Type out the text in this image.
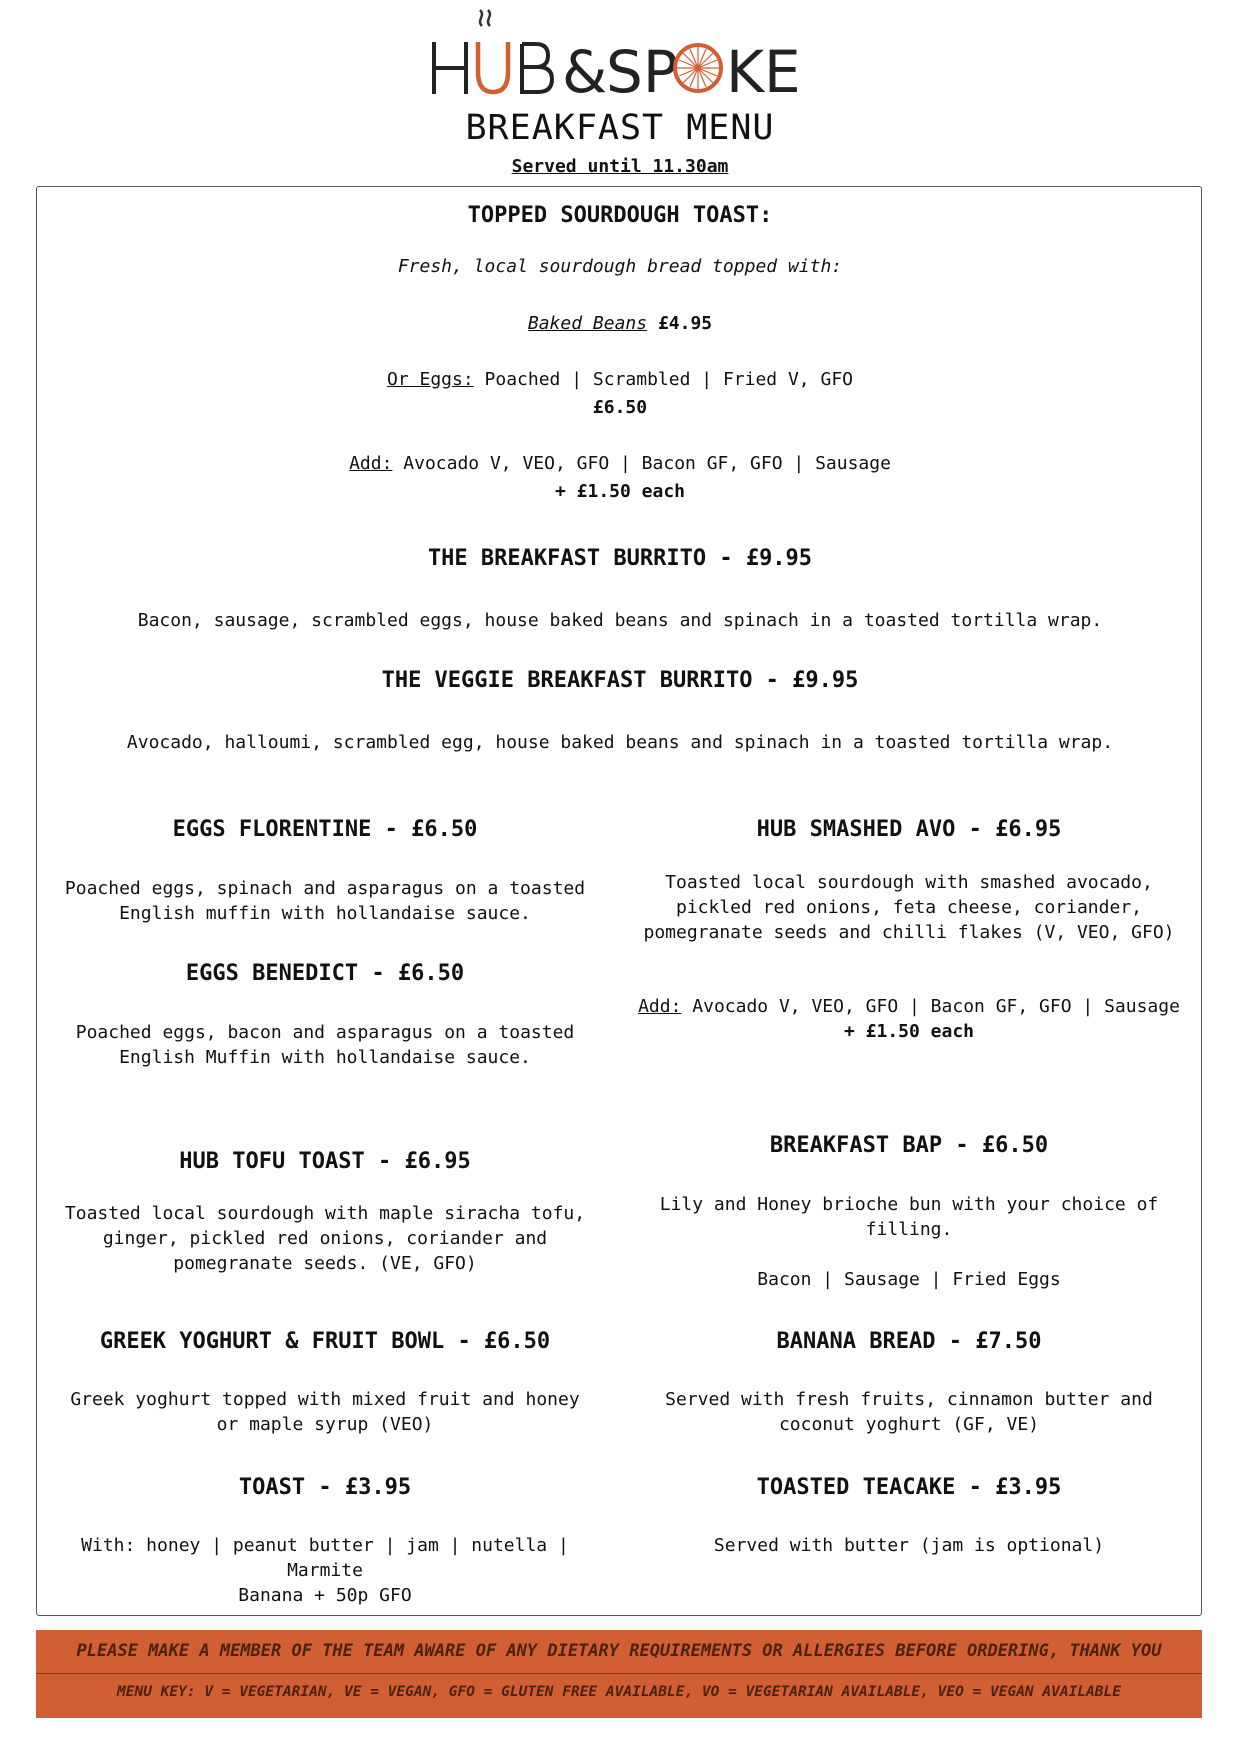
&
SP KE
BREAKFAST MENU
Served until 11.30am
TOPPED SOURDOUGH TOAST:
Fresh, local sourdough bread topped with:
Baked Beans £4.95
Or Eggs: Poached | Scrambled | Fried V, GFO
£6.50
Add: Avocado V, VEO, GFO | Bacon GF, GFO | Sausage
+ £1.50 each
THE BREAKFAST BURRITO - £9.95
Bacon, sausage, scrambled eggs, house baked beans and spinach in a toasted tortilla wrap.
THE VEGGIE BREAKFAST BURRITO - £9.95
Avocado, halloumi, scrambled egg, house baked beans and spinach in a toasted tortilla wrap.
EGGS FLORENTINE - £6.50
Poached eggs, spinach and asparagus on a toasted
English muffin with hollandaise sauce.
EGGS BENEDICT - £6.50
Poached eggs, bacon and asparagus on a toasted
English Muffin with hollandaise sauce.
HUB TOFU TOAST - £6.95
Toasted local sourdough with maple siracha tofu,
ginger, pickled red onions, coriander and
pomegranate seeds. (VE, GFO)
GREEK YOGHURT & FRUIT BOWL - £6.50
Greek yoghurt topped with mixed fruit and honey
or maple syrup (VEO)
TOAST - £3.95
With: honey | peanut butter | jam | nutella |
Marmite
Banana + 50p GFO
HUB SMASHED AVO - £6.95
Toasted local sourdough with smashed avocado,
pickled red onions, feta cheese, coriander,
pomegranate seeds and chilli flakes (V, VEO, GFO)
Add: Avocado V, VEO, GFO | Bacon GF, GFO | Sausage
+ £1.50 each
BREAKFAST BAP - £6.50
Lily and Honey brioche bun with your choice of
filling.
Bacon | Sausage | Fried Eggs
BANANA BREAD - £7.50
Served with fresh fruits, cinnamon butter and
coconut yoghurt (GF, VE)
TOASTED TEACAKE - £3.95
Served with butter (jam is optional)
PLEASE MAKE A MEMBER OF THE TEAM AWARE OF ANY DIETARY REQUIREMENTS OR ALLERGIES BEFORE ORDERING, THANK YOU
MENU KEY: V = VEGETARIAN, VE = VEGAN, GFO = GLUTEN FREE AVAILABLE, VO = VEGETARIAN AVAILABLE, VEO = VEGAN AVAILABLE
